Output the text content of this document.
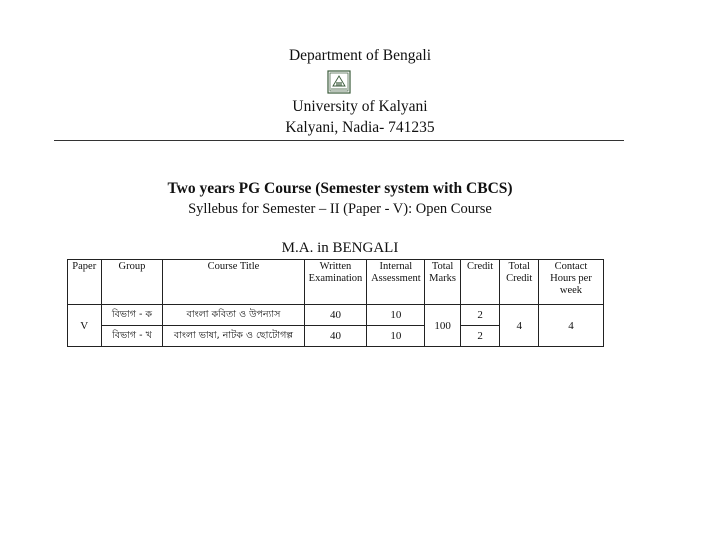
Department of Bengali
University of Kalyani
Kalyani, Nadia- 741235
Two years PG Course (Semester system with CBCS)
Syllebus for Semester – II (Paper - V): Open Course
M.A. in BENGALI
Paper	Group	Course Title	Written Examination	Internal Assessment	Total Marks	Credit	Total Credit	Contact Hours per week
V	বিভাগ - ক	বাংলা কবিতা ও উপন্যাস	40	10	100	2	4	4
	বিভাগ - খ	বাংলা ভাষা, নাটক ও ছোটোগল্প	40	10		2		
